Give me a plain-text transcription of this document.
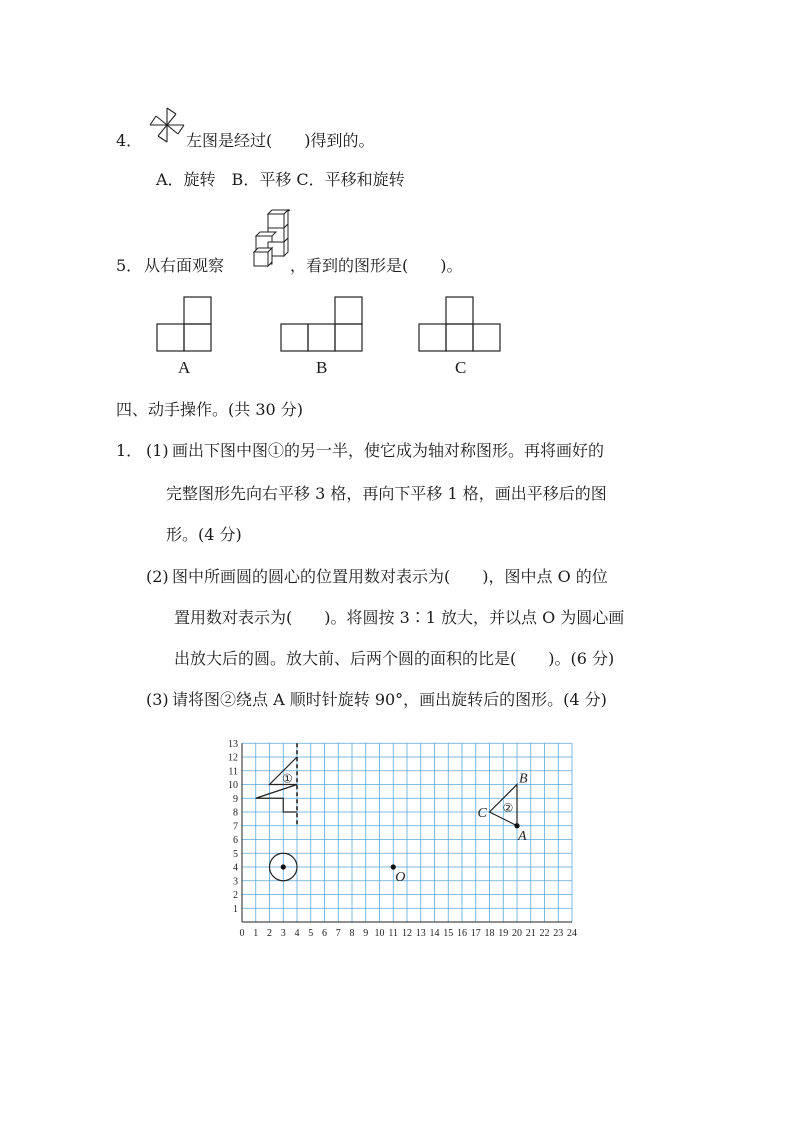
4．	左图是经过(　　)得到的。
A．旋转　B．平移 C．平移和旋转
5． 从右面观察	，看到的图形是(　　)。
A	B	C
四、动手操作。(共 30 分)
1． (1) 画出下图中图①的另一半，使它成为轴对称图形。再将画好的
完整图形先向右平移 3 格，再向下平移 1 格，画出平移后的图
形。(4 分)
(2) 图中所画圆的圆心的位置用数对表示为(　　)，图中点 O 的位
置用数对表示为(　　)。将圆按 3∶1 放大，并以点 O 为圆心画
出放大后的圆。放大前、后两个圆的面积的比是(　　)。(6 分)
(3) 请将图②绕点 A 顺时针旋转 90°，画出旋转后的图形。(4 分)
0 1 2 3 4 5 6 7 8 9 10 11 12 13 14 15 16 17 18 19 20 21 22 23 24
1
2
3
4
5
6
7
8
9
10
11
12
13
①
O
A
B
C ②
